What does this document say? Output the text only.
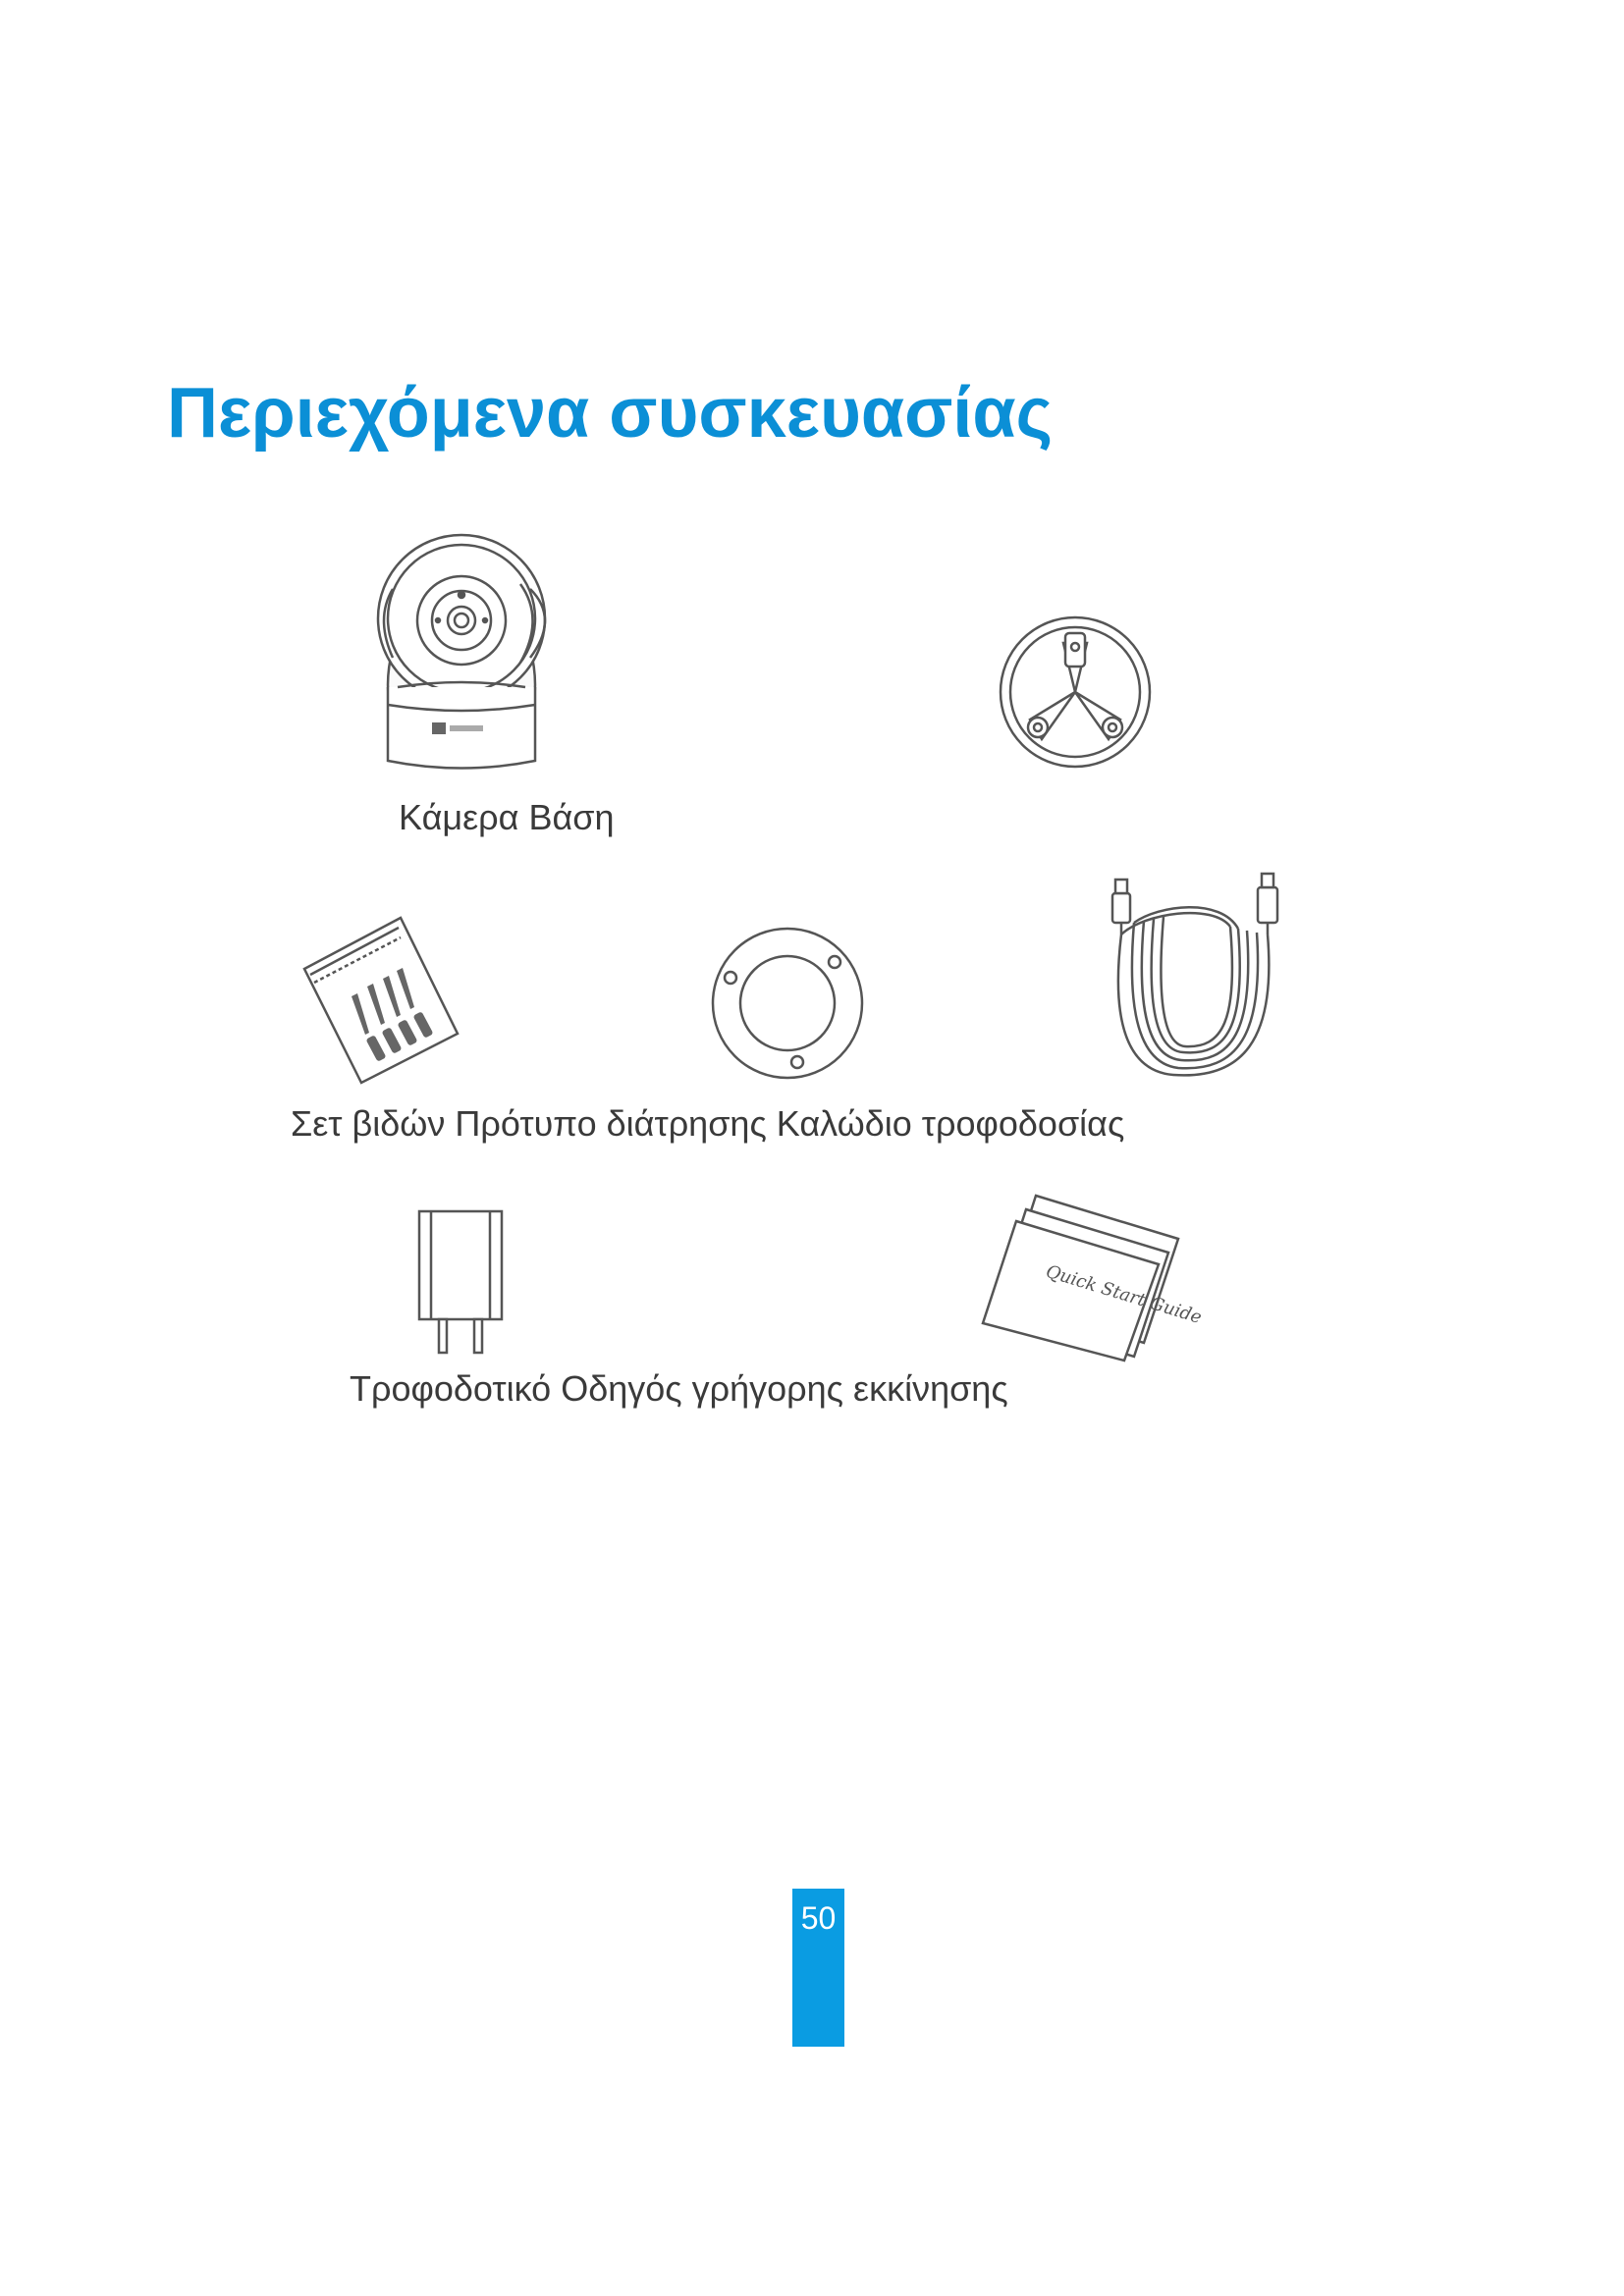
Περιεχόμενα συσκευασίας

Κάμερα Βάση

Σετ βιδών Πρότυπο διάτρησης Καλώδιο τροφοδοσίας

Quick Start Guide

Τροφοδοτικό Οδηγός γρήγορης εκκίνησης

50
